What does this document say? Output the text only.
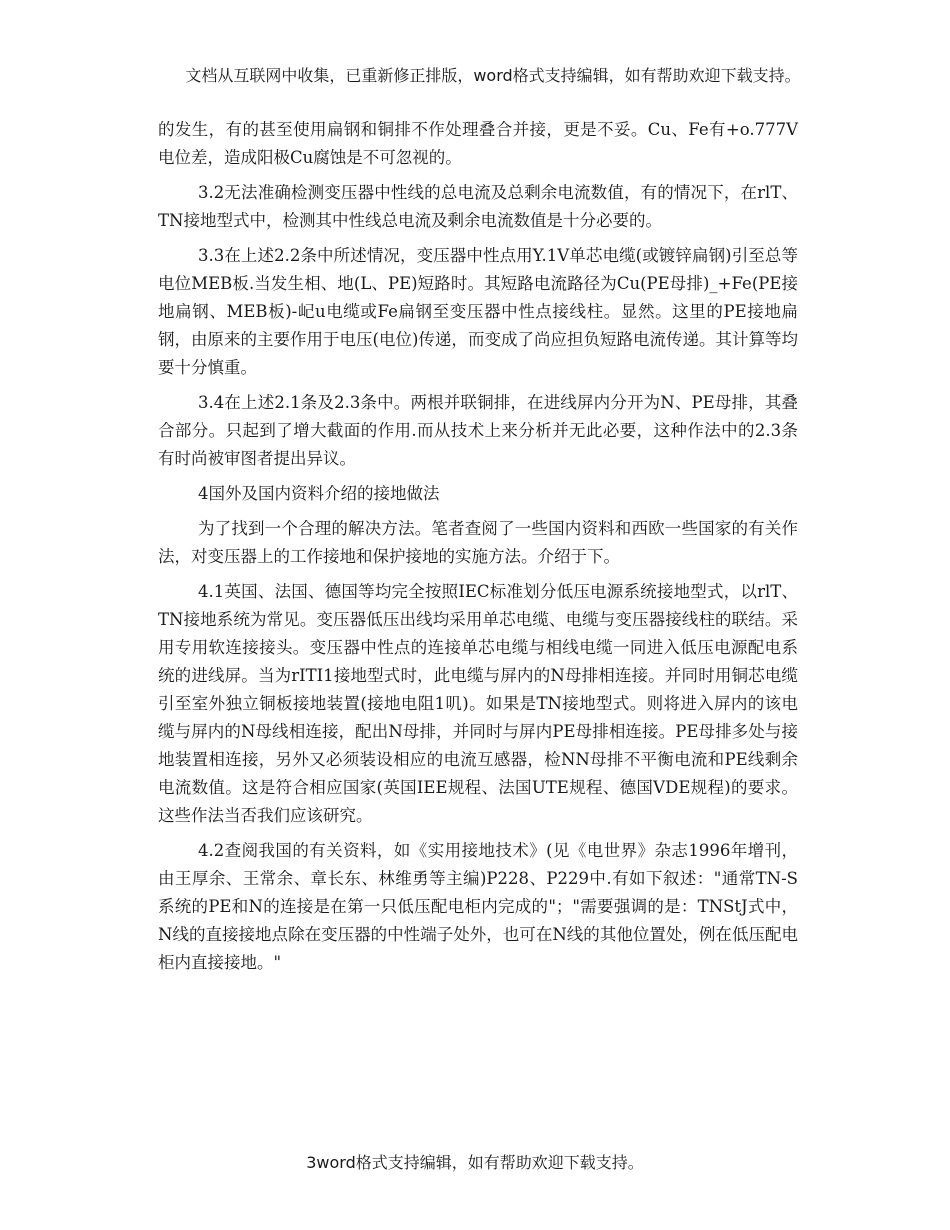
文档从互联网中收集，已重新修正排版，word格式支持编辑，如有帮助欢迎下载支持。

的发生，有的甚至使用扁钢和铜排不作处理叠合并接，更是不妥。Cu、Fe有+o.777V电位差，造成阳极Cu腐蚀是不可忽视的。

3.2无法准确检测变压器中性线的总电流及总剩余电流数值，有的情况下，在rlT、TN接地型式中，检测其中性线总电流及剩余电流数值是十分必要的。

3.3在上述2.2条中所述情况，变压器中性点用Y.1V单芯电缆(或镀锌扁钢)引至总等电位MEB板.当发生相、地(L、PE)短路时。其短路电流路径为Cu(PE母排)_+Fe(PE接地扁钢、MEB板)-屺u电缆或Fe扁钢至变压器中性点接线柱。显然。这里的PE接地扁钢，由原来的主要作用于电压(电位)传递，而变成了尚应担负短路电流传递。其计算等均要十分慎重。

3.4在上述2.1条及2.3条中。两根并联铜排，在进线屏内分开为N、PE母排，其叠合部分。只起到了增大截面的作用.而从技术上来分析并无此必要，这种作法中的2.3条有时尚被审图者提出异议。

4国外及国内资料介绍的接地做法

为了找到一个合理的解决方法。笔者查阅了一些国内资料和西欧一些国家的有关作法，对变压器上的工作接地和保护接地的实施方法。介绍于下。

4.1英国、法国、德国等均完全按照IEC标准划分低压电源系统接地型式，以rlT、TN接地系统为常见。变压器低压出线均采用单芯电缆、电缆与变压器接线柱的联结。采用专用软连接接头。变压器中性点的连接单芯电缆与相线电缆一同进入低压电源配电系统的进线屏。当为rITI1接地型式时，此电缆与屏内的N母排相连接。并同时用铜芯电缆引至室外独立铜板接地装置(接地电阻1叽)。如果是TN接地型式。则将进入屏内的该电缆与屏内的N母线相连接，配出N母排，并同时与屏内PE母排相连接。PE母排多处与接地装置相连接，另外又必须装设相应的电流互感器，检NN母排不平衡电流和PE线剩余电流数值。这是符合相应国家(英国IEE规程、法国UTE规程、德国VDE规程)的要求。这些作法当否我们应该研究。

4.2查阅我国的有关资料，如《实用接地技术》(见《电世界》杂志1996年增刊，由王厚余、王常余、章长东、林维勇等主编)P228、P229中.有如下叙述："通常TN-S系统的PE和N的连接是在第一只低压配电柜内完成的"；"需要强调的是：TNStJ式中，N线的直接接地点除在变压器的中性端子处外，也可在N线的其他位置处，例在低压配电柜内直接接地。"

3word格式支持编辑，如有帮助欢迎下载支持。
